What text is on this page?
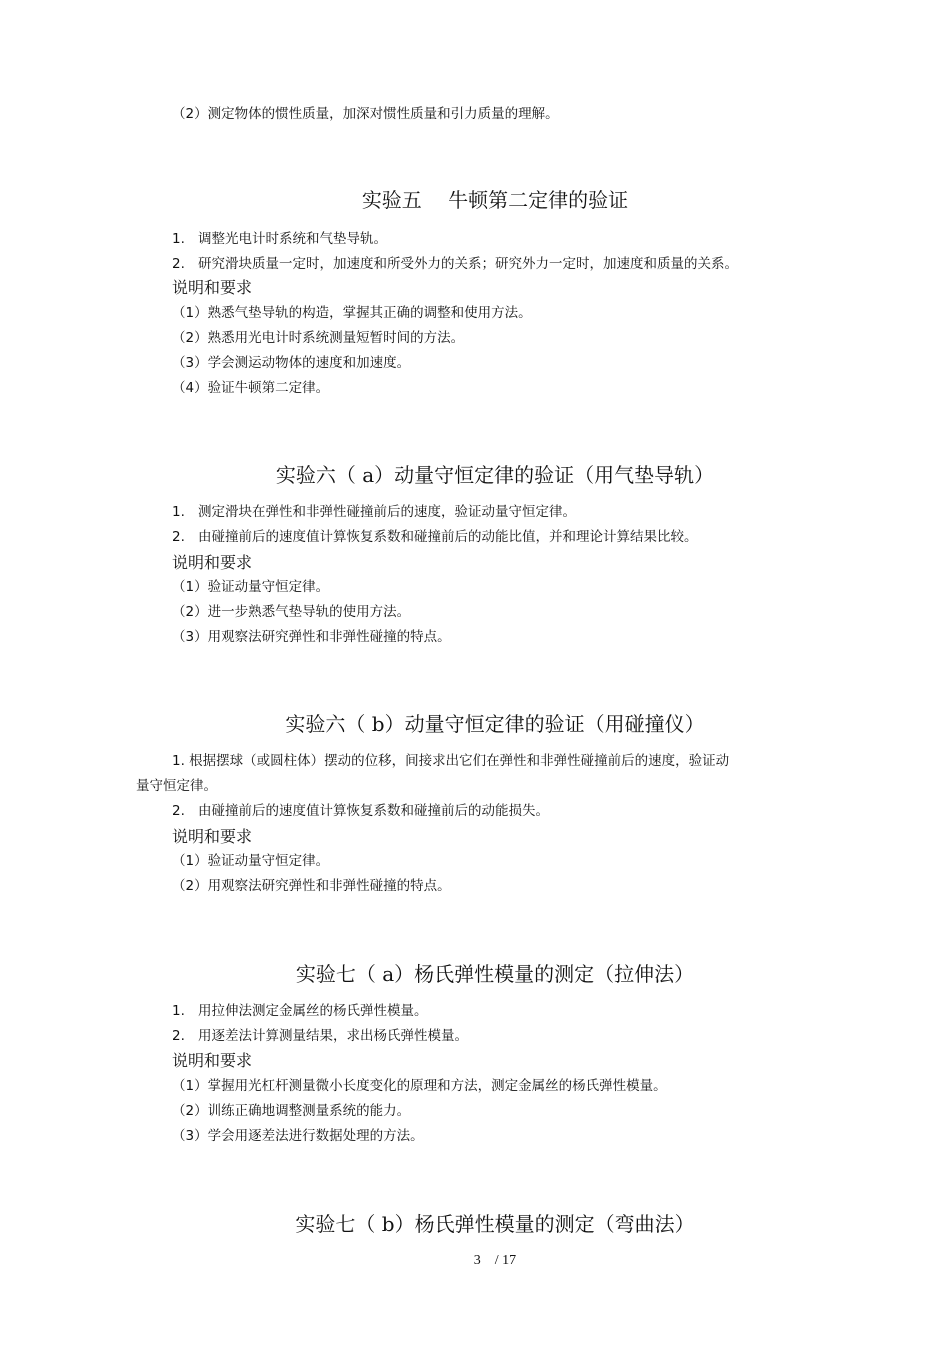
（2）测定物体的惯性质量，加深对惯性质量和引力质量的理解。
实验五　 牛顿第二定律的验证
1. 调整光电计时系统和气垫导轨。
2. 研究滑块质量一定时，加速度和所受外力的关系；研究外力一定时，加速度和质量的关系。
说明和要求
（1）熟悉气垫导轨的构造，掌握其正确的调整和使用方法。
（2）熟悉用光电计时系统测量短暂时间的方法。
（3）学会测运动物体的速度和加速度。
（4）验证牛顿第二定律。
实验六（ a）动量守恒定律的验证（用气垫导轨）
1. 测定滑块在弹性和非弹性碰撞前后的速度，验证动量守恒定律。
2. 由碰撞前后的速度值计算恢复系数和碰撞前后的动能比值，并和理论计算结果比较。
说明和要求
（1）验证动量守恒定律。
（2）进一步熟悉气垫导轨的使用方法。
（3）用观察法研究弹性和非弹性碰撞的特点。
实验六（ b）动量守恒定律的验证（用碰撞仪）
1. 根据摆球（或圆柱体）摆动的位移，间接求出它们在弹性和非弹性碰撞前后的速度，验证动
量守恒定律。
2. 由碰撞前后的速度值计算恢复系数和碰撞前后的动能损失。
说明和要求
（1）验证动量守恒定律。
（2）用观察法研究弹性和非弹性碰撞的特点。
实验七（ a）杨氏弹性模量的测定（拉伸法）
1. 用拉伸法测定金属丝的杨氏弹性模量。
2. 用逐差法计算测量结果，求出杨氏弹性模量。
说明和要求
（1）掌握用光杠杆测量微小长度变化的原理和方法，测定金属丝的杨氏弹性模量。
（2）训练正确地调整测量系统的能力。
（3）学会用逐差法进行数据处理的方法。
实验七（ b）杨氏弹性模量的测定（弯曲法）
3　/ 17
